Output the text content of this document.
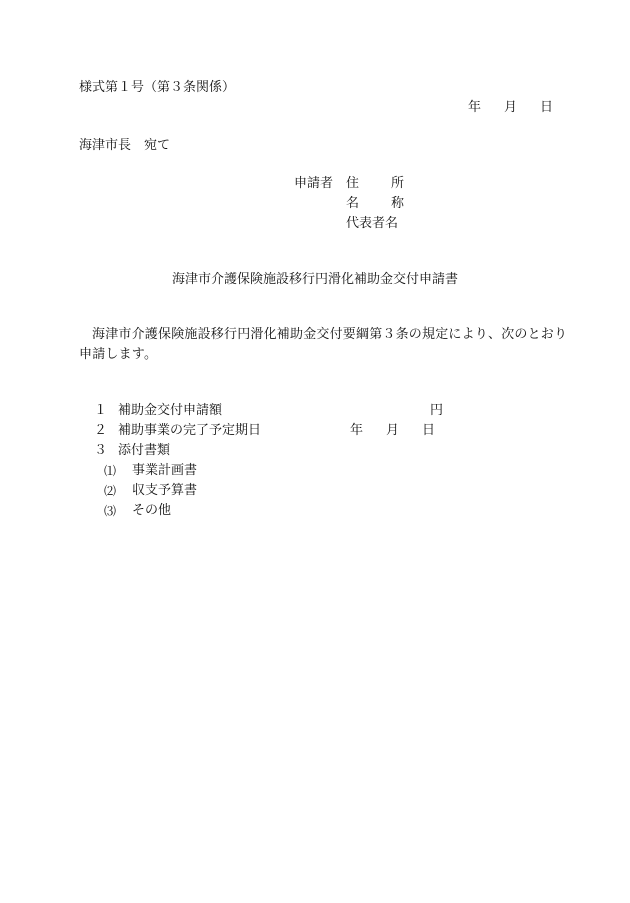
様式第１号（第３条関係）
年 月 日
海津市長　宛て
申請者 住 所
名 称
代表者名
海津市介護保険施設移行円滑化補助金交付申請書
海津市介護保険施設移行円滑化補助金交付要綱第３条の規定により、次のとおり申請します。
１ 補助金交付申請額	円
２ 補助事業の完了予定期日	年 月 日
３ 添付書類
⑴ 事業計画書
⑵ 収支予算書
⑶ その他
